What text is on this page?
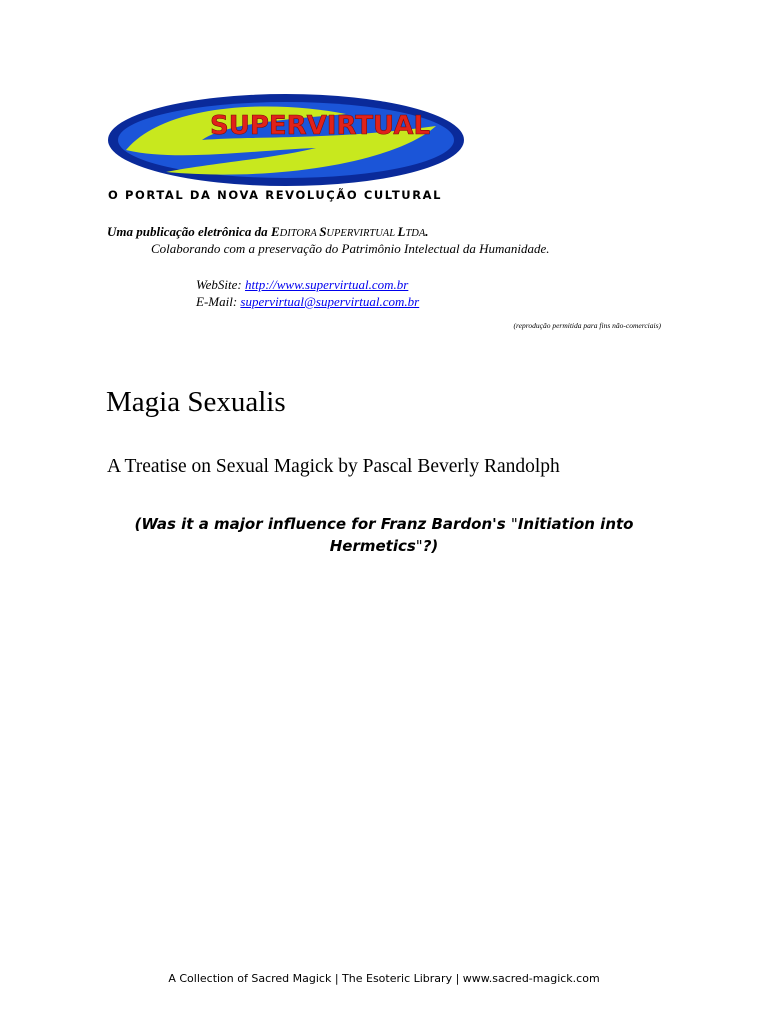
SUPERVIRTUAL
O PORTAL DA NOVA REVOLUÇÃO CULTURAL
Uma publicação eletrônica da EDITORA SUPERVIRTUAL LTDA.
Colaborando com a preservação do Patrimônio Intelectual da Humanidade.
WebSite: http://www.supervirtual.com.br
E-Mail: supervirtual@supervirtual.com.br
(reprodução permitida para fins não-comerciais)
Magia Sexualis
A Treatise on Sexual Magick by Pascal Beverly Randolph
(Was it a major influence for Franz Bardon's "Initiation into Hermetics"?)
A Collection of Sacred Magick | The Esoteric Library | www.sacred-magick.com
